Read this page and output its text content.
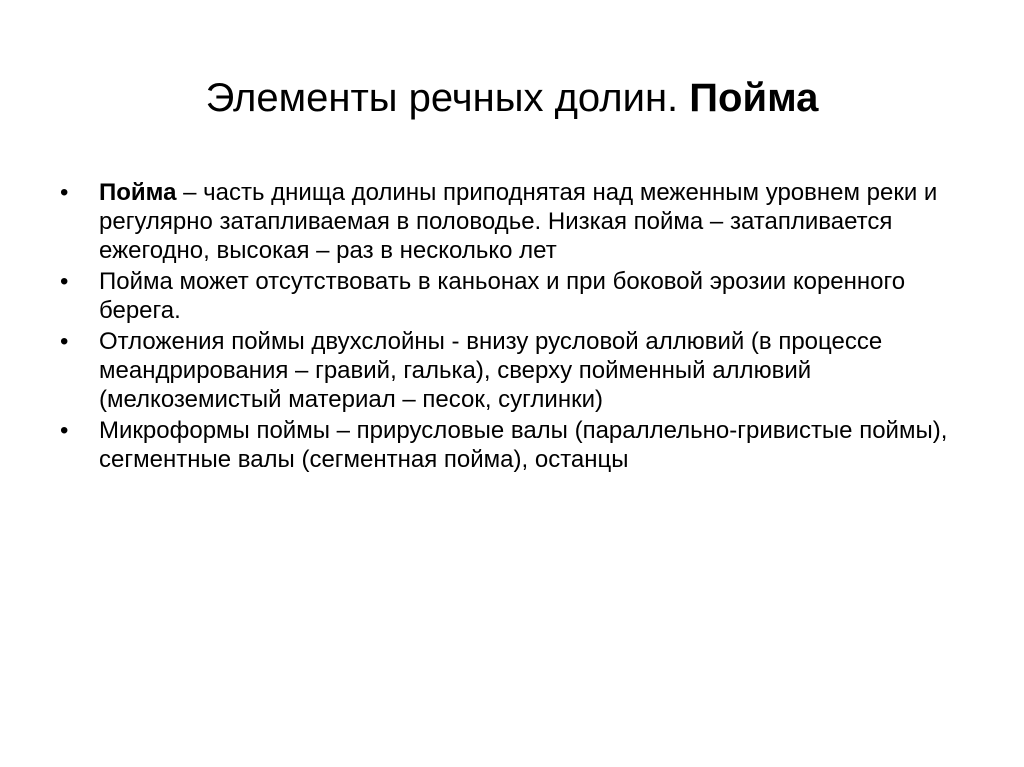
Элементы речных долин. Пойма
•	Пойма – часть днища долины приподнятая над меженным уровнем реки и регулярно затапливаемая в половодье. Низкая пойма – затапливается ежегодно, высокая – раз в несколько лет
•	Пойма может отсутствовать в каньонах и при боковой эрозии коренного берега.
•	Отложения поймы двухслойны - внизу русловой аллювий (в процессе меандрирования – гравий, галька), сверху пойменный аллювий (мелкоземистый материал – песок, суглинки)
•	Микроформы поймы – прирусловые валы (параллельно-гривистые поймы), сегментные валы (сегментная пойма), останцы
